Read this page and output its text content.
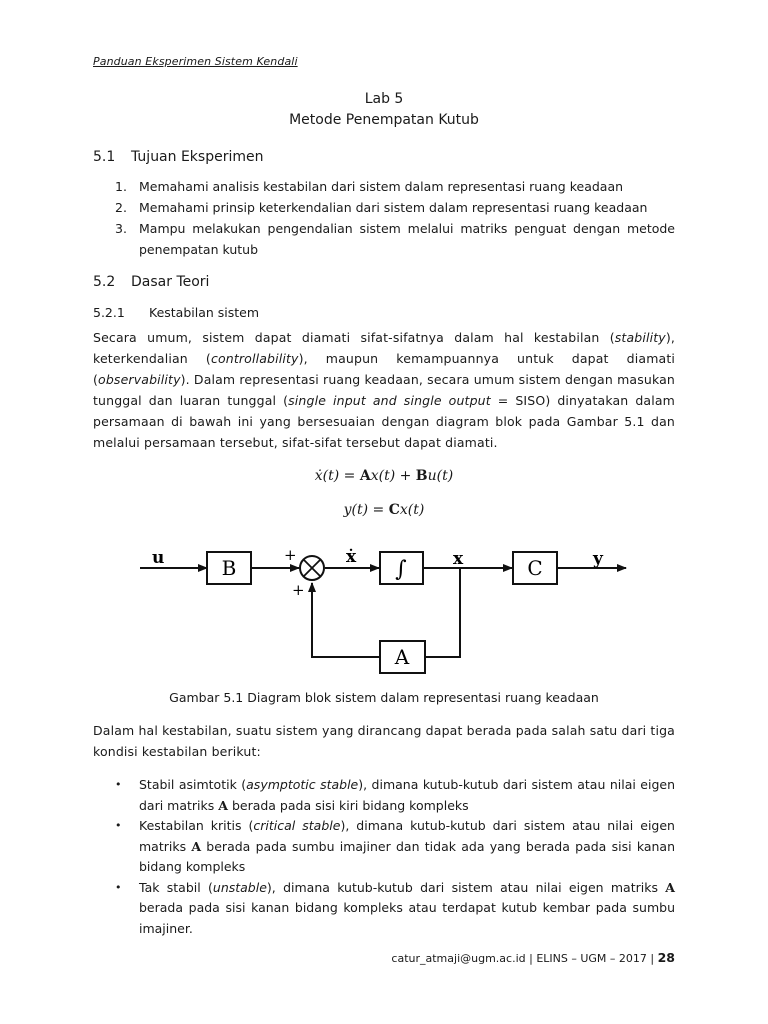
Panduan Eksperimen Sistem Kendali
Lab 5
Metode Penempatan Kutub
5.1 Tujuan Eksperimen
1. Memahami analisis kestabilan dari sistem dalam representasi ruang keadaan
2. Memahami prinsip keterkendalian dari sistem dalam representasi ruang keadaan
3. Mampu melakukan pengendalian sistem melalui matriks penguat dengan metode penempatan kutub
5.2 Dasar Teori
5.2.1 Kestabilan sistem
Secara umum, sistem dapat diamati sifat-sifatnya dalam hal kestabilan (stability), keterkendalian (controllability), maupun kemampuannya untuk dapat diamati (observability). Dalam representasi ruang keadaan, secara umum sistem dengan masukan tunggal dan luaran tunggal (single input and single output = SISO) dinyatakan dalam persamaan di bawah ini yang bersesuaian dengan diagram blok pada Gambar 5.1 dan melalui persamaan tersebut, sifat-sifat tersebut dapat diamati.
ẋ(t) = Ax(t) + Bu(t)
y(t) = Cx(t)
u	B	∫	C
A
ẋ	x	y
+
+
Gambar 5.1 Diagram blok sistem dalam representasi ruang keadaan
Dalam hal kestabilan, suatu sistem yang dirancang dapat berada pada salah satu dari tiga kondisi kestabilan berikut:
• Stabil asimtotik (asymptotic stable), dimana kutub-kutub dari sistem atau nilai eigen dari matriks A berada pada sisi kiri bidang kompleks
• Kestabilan kritis (critical stable), dimana kutub-kutub dari sistem atau nilai eigen matriks A berada pada sumbu imajiner dan tidak ada yang berada pada sisi kanan bidang kompleks
• Tak stabil (unstable), dimana kutub-kutub dari sistem atau nilai eigen matriks A berada pada sisi kanan bidang kompleks atau terdapat kutub kembar pada sumbu imajiner.
catur_atmaji@ugm.ac.id | ELINS – UGM – 2017 | 28
